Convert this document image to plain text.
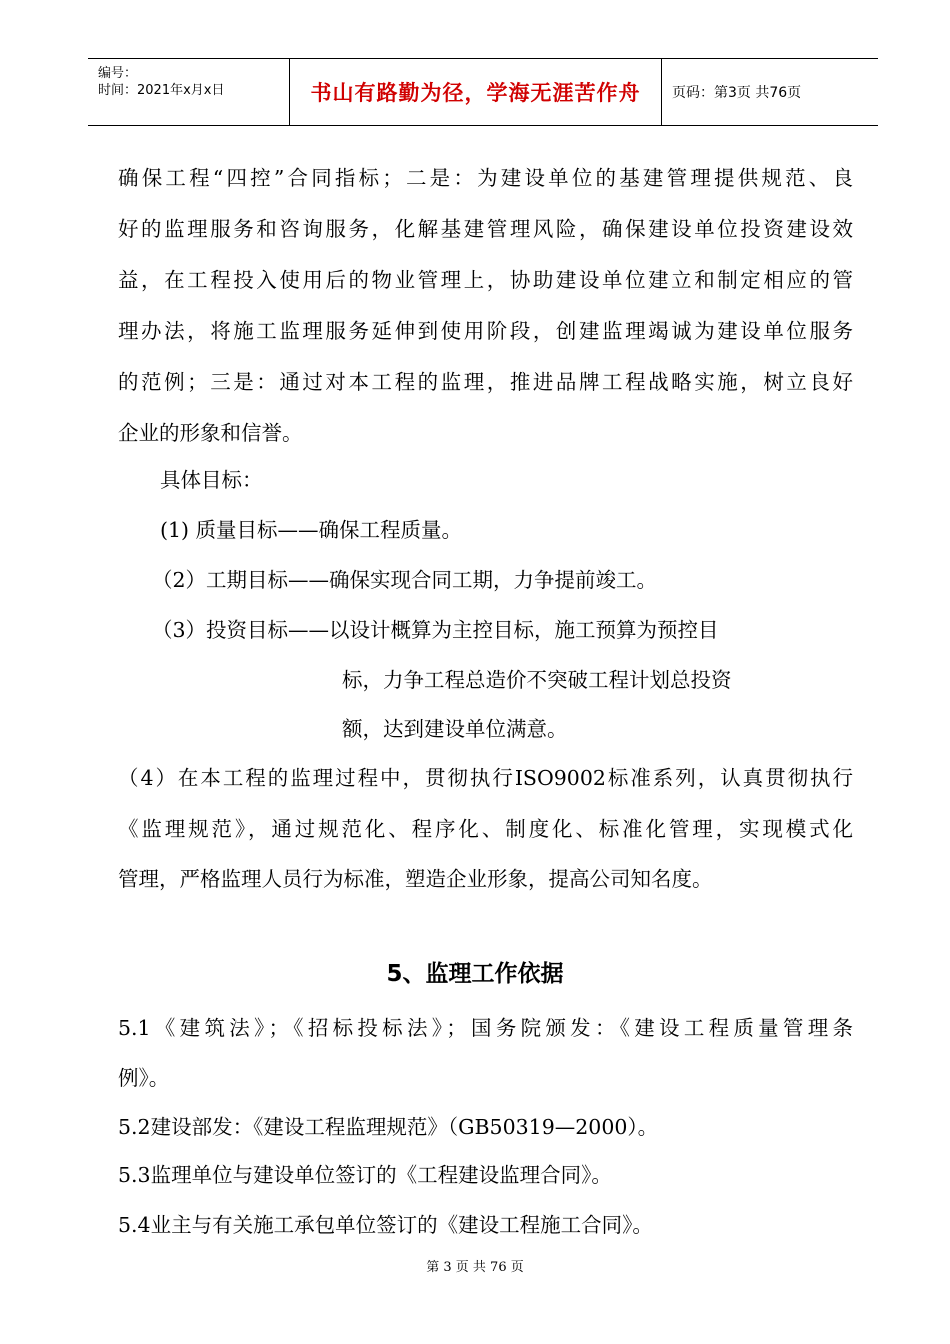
编号：
时间：2021年x月x日	书山有路勤为径，学海无涯苦作舟	页码：第3页 共76页
确保工程“四控”合同指标；二是：为建设单位的基建管理提供规范、良
好的监理服务和咨询服务，化解基建管理风险，确保建设单位投资建设效
益，在工程投入使用后的物业管理上，协助建设单位建立和制定相应的管
理办法，将施工监理服务延伸到使用阶段，创建监理竭诚为建设单位服务
的范例；三是：通过对本工程的监理，推进品牌工程战略实施，树立良好
企业的形象和信誉。
具体目标：
(1) 质量目标——确保工程质量。
（2）工期目标——确保实现合同工期，力争提前竣工。
（3）投资目标——以设计概算为主控目标，施工预算为预控目
标，力争工程总造价不突破工程计划总投资
额，达到建设单位满意。
（4）在本工程的监理过程中，贯彻执行ISO9002标准系列，认真贯彻执行
《监理规范》，通过规范化、程序化、制度化、标准化管理，实现模式化
管理，严格监理人员行为标准，塑造企业形象，提高公司知名度。
5、监理工作依据
5.1《建筑法》；《招标投标法》；国务院颁发：《建设工程质量管理条
例》。
5.2建设部发：《建设工程监理规范》（GB50319—2000）。
5.3监理单位与建设单位签订的《工程建设监理合同》。
5.4业主与有关施工承包单位签订的《建设工程施工合同》。
第 3 页 共 76 页
